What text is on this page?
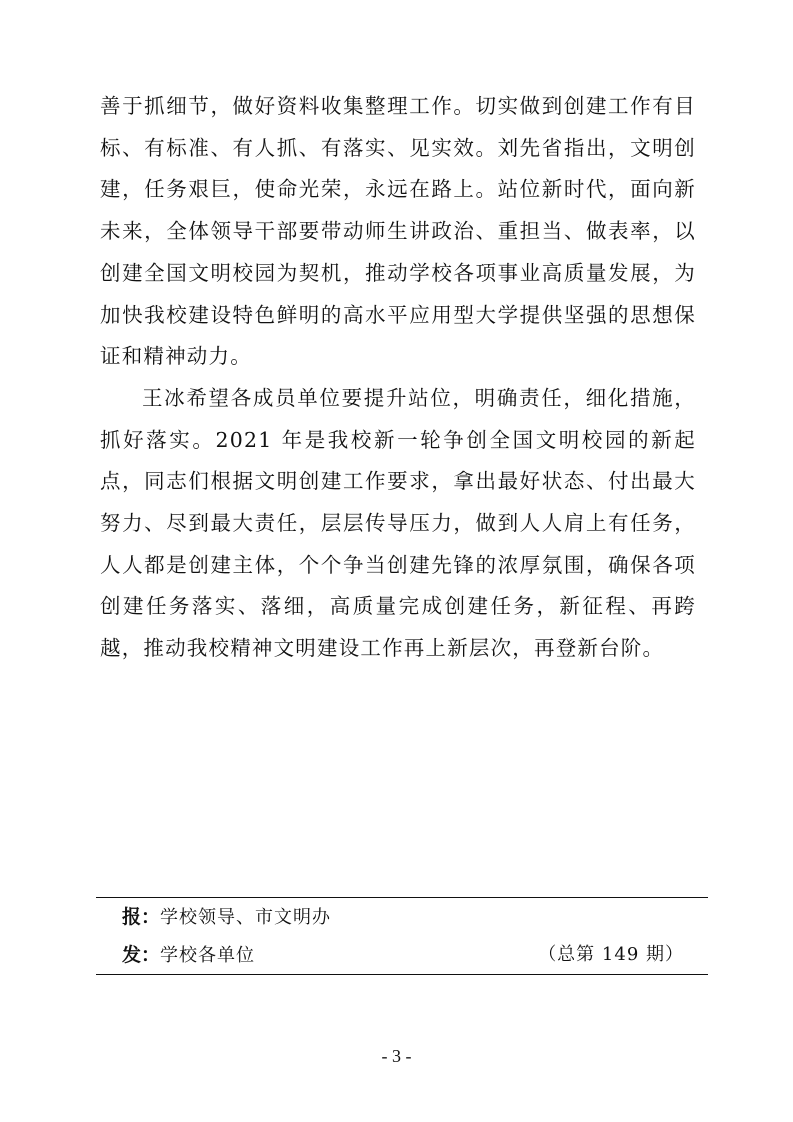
善于抓细节，做好资料收集整理工作。切实做到创建工作有目标、有标准、有人抓、有落实、见实效。刘先省指出，文明创建，任务艰巨，使命光荣，永远在路上。站位新时代，面向新未来，全体领导干部要带动师生讲政治、重担当、做表率，以创建全国文明校园为契机，推动学校各项事业高质量发展，为加快我校建设特色鲜明的高水平应用型大学提供坚强的思想保证和精神动力。

王冰希望各成员单位要提升站位，明确责任，细化措施，抓好落实。2021 年是我校新一轮争创全国文明校园的新起点，同志们根据文明创建工作要求，拿出最好状态、付出最大努力、尽到最大责任，层层传导压力，做到人人肩上有任务，人人都是创建主体，个个争当创建先锋的浓厚氛围，确保各项创建任务落实、落细，高质量完成创建任务，新征程、再跨越，推动我校精神文明建设工作再上新层次，再登新台阶。

报：学校领导、市文明办
发：学校各单位	（总第 149 期）
- 3 -
